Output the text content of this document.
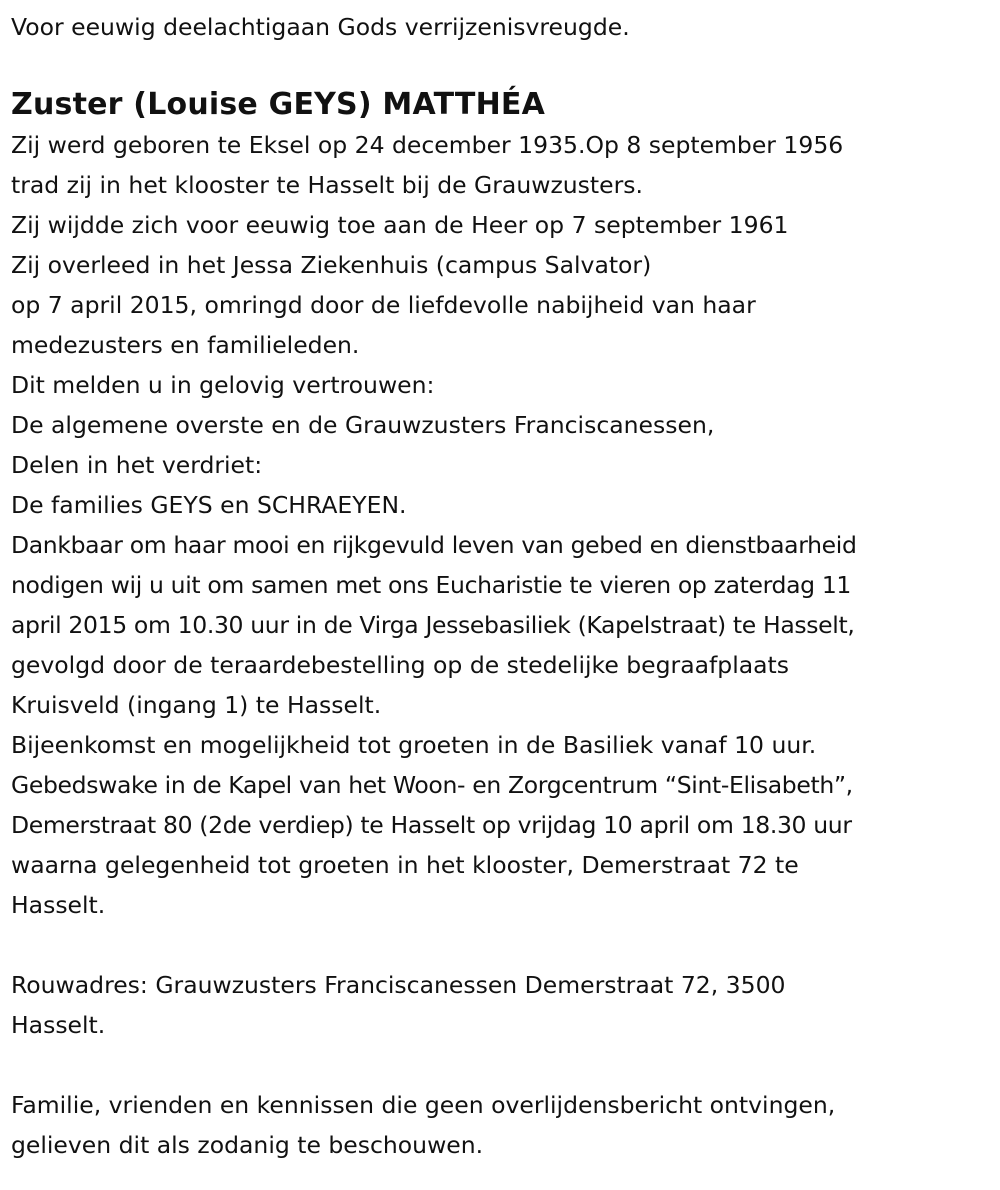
Voor eeuwig deelachtigaan Gods verrijzenisvreugde.
Zuster (Louise GEYS) MATTHÉA
Zij werd geboren te Eksel op 24 december 1935.Op 8 september 1956
trad zij in het klooster te Hasselt bij de Grauwzusters.
Zij wijdde zich voor eeuwig toe aan de Heer op 7 september 1961
Zij overleed in het Jessa Ziekenhuis (campus Salvator)
op 7 april 2015, omringd door de liefdevolle nabijheid van haar
medezusters en familieleden.
Dit melden u in gelovig vertrouwen:
De algemene overste en de Grauwzusters Franciscanessen,
Delen in het verdriet:
De families GEYS en SCHRAEYEN.
Dankbaar om haar mooi en rijkgevuld leven van gebed en dienstbaarheid
nodigen wij u uit om samen met ons Eucharistie te vieren op zaterdag 11
april 2015 om 10.30 uur in de Virga Jessebasiliek (Kapelstraat) te Hasselt,
gevolgd door de teraardebestelling op de stedelijke begraafplaats
Kruisveld (ingang 1) te Hasselt.
Bijeenkomst en mogelijkheid tot groeten in de Basiliek vanaf 10 uur.
Gebedswake in de Kapel van het Woon- en Zorgcentrum “Sint-Elisabeth”,
Demerstraat 80 (2de verdiep) te Hasselt op vrijdag 10 april om 18.30 uur
waarna gelegenheid tot groeten in het klooster, Demerstraat 72 te
Hasselt.
Rouwadres: Grauwzusters Franciscanessen Demerstraat 72, 3500
Hasselt.
Familie, vrienden en kennissen die geen overlijdensbericht ontvingen,
gelieven dit als zodanig te beschouwen.
